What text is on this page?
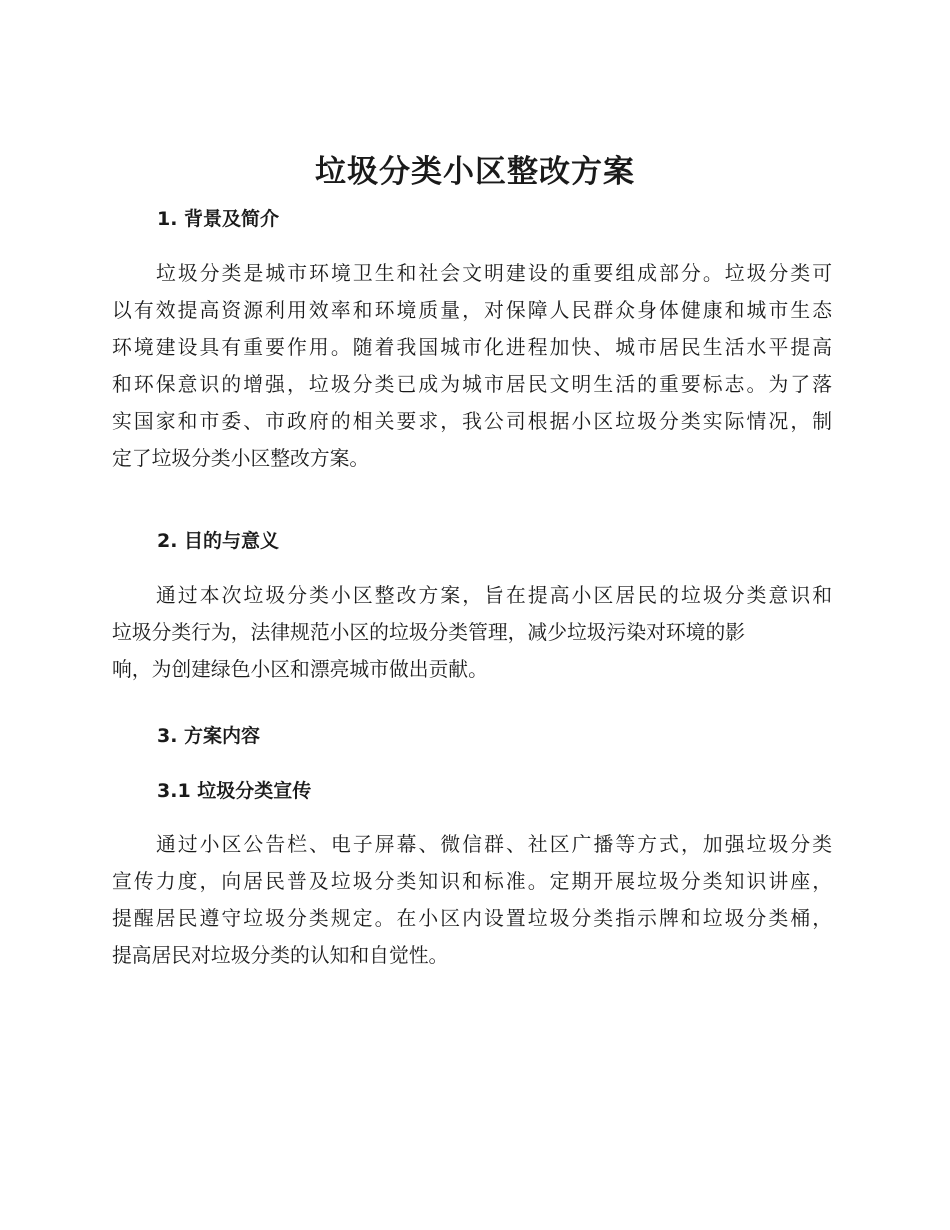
垃圾分类小区整改方案
1. 背景及简介
垃圾分类是城市环境卫生和社会文明建设的重要组成部分。垃圾分类可
以有效提高资源利用效率和环境质量，对保障人民群众身体健康和城市生态
环境建设具有重要作用。随着我国城市化进程加快、城市居民生活水平提高
和环保意识的增强，垃圾分类已成为城市居民文明生活的重要标志。为了落
实国家和市委、市政府的相关要求，我公司根据小区垃圾分类实际情况，制
定了垃圾分类小区整改方案。
2. 目的与意义
通过本次垃圾分类小区整改方案，旨在提高小区居民的垃圾分类意识和
垃圾分类行为，法律规范小区的垃圾分类管理，减少垃圾污染对环境的影
响，为创建绿色小区和漂亮城市做出贡献。
3. 方案内容
3.1 垃圾分类宣传
通过小区公告栏、电子屏幕、微信群、社区广播等方式，加强垃圾分类
宣传力度，向居民普及垃圾分类知识和标准。定期开展垃圾分类知识讲座，
提醒居民遵守垃圾分类规定。在小区内设置垃圾分类指示牌和垃圾分类桶，
提高居民对垃圾分类的认知和自觉性。
